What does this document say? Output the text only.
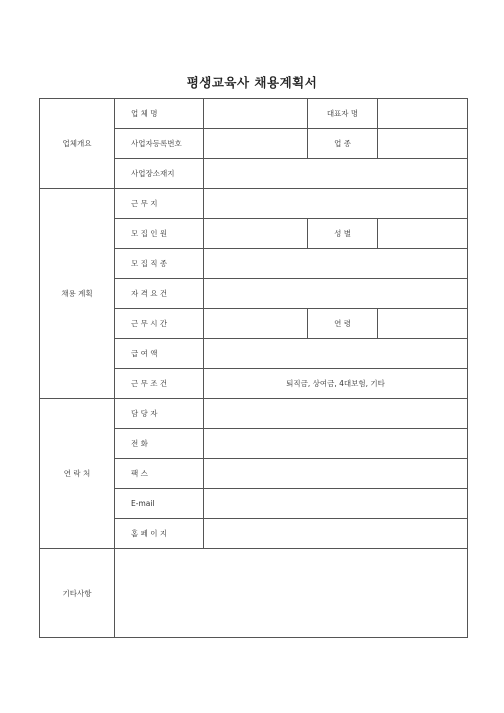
평생교육사 채용계획서
업체개요	업 체 명		대표자 명	
	사업자등록번호		업 종	
	사업장소재지			
채용 계획	근 무 지			
	모 집 인 원		성 별	
	모 집 직 종			
	자 격 요 건			
	근 무 시 간		연 령	
	급 여 액			
	근 무 조 건	퇴직금, 상여금, 4대보험, 기타		
연 락 처	담 당 자			
	전 화			
	팩 스			
	E-mail			
	홈 페 이 지			
기타사항				
